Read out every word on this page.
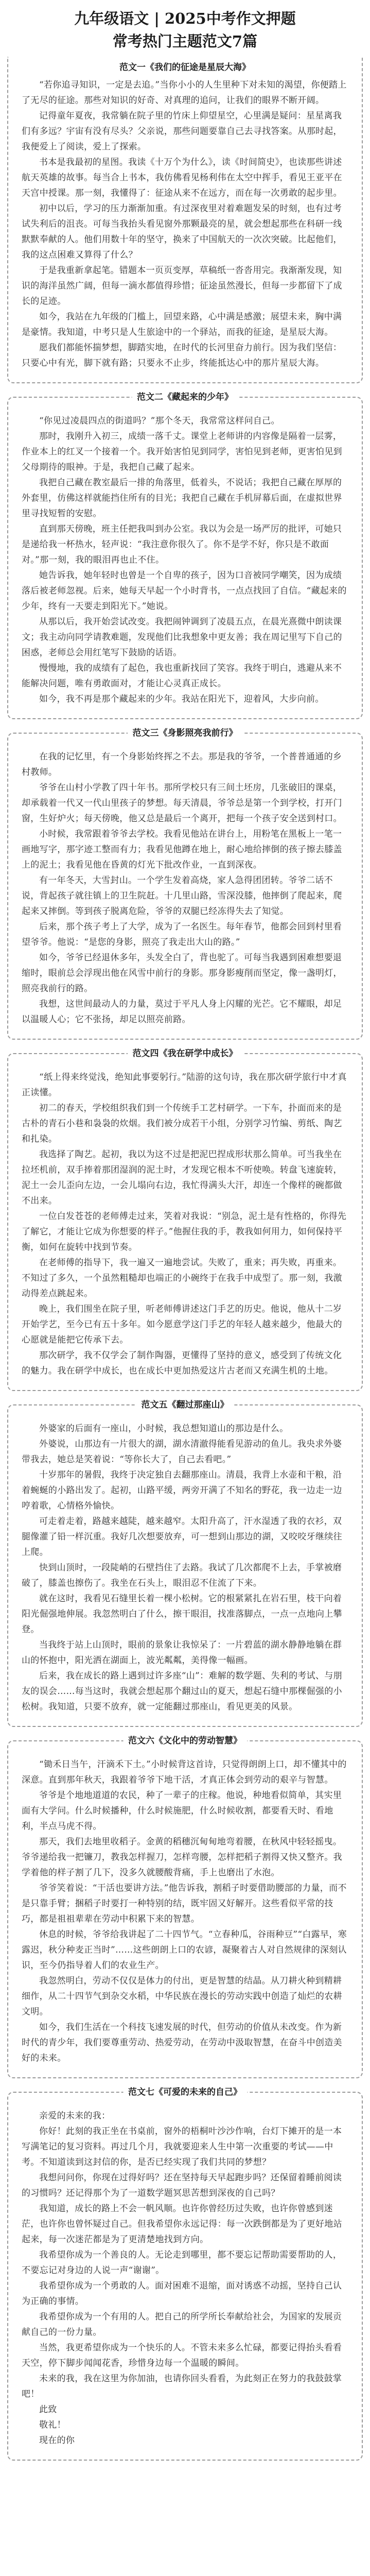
九年级语文 | 2025中考作文押题
常考热门主题范文7篇
范文一《我们的征途是星辰大海》

“若你追寻知识，一定是去追。”当你小小的人生里种下对未知的渴望，你便踏上了无尽的征途。那些对知识的好奇、对真理的追问，让我们的眼界不断开阔。

记得童年夏夜，我常躺在院子里的竹床上仰望星空，心里满是疑问：星星离我们有多远？宇宙有没有尽头？父亲说，那些问题要靠自己去寻找答案。从那时起，我便爱上了阅读，爱上了探索。

书本是我最初的星图。我读《十万个为什么》，读《时间简史》，也读那些讲述航天英雄的故事。每当合上书本，我仿佛看见杨利伟在太空中挥手，看见王亚平在天宫中授课。那一刻，我懂得了：征途从来不在远方，而在每一次勇敢的起步里。

初中以后，学习的压力渐渐加重。有过深夜里对着难题发呆的时刻，也有过考试失利后的沮丧。可每当我抬头看见窗外那颗最亮的星，就会想起那些在科研一线默默奉献的人。他们用数十年的坚守，换来了中国航天的一次次突破。比起他们，我的这点困难又算得了什么？

于是我重新拿起笔。错题本一页页变厚，草稿纸一沓沓用完。我渐渐发现，知识的海洋虽然广阔，但每一滴水都值得珍惜；征途虽然漫长，但每一步都留下了成长的足迹。

如今，我站在九年级的门槛上，回望来路，心中满是感激；展望未来，胸中满是豪情。我知道，中考只是人生旅途中的一个驿站，而我的征途，是星辰大海。

愿我们都能怀揣梦想，脚踏实地，在时代的长河里奋力前行。因为我们坚信：只要心中有光，脚下就有路；只要永不止步，终能抵达心中的那片星辰大海。

范文二《藏起来的少年》

“你见过凌晨四点的街道吗？”那个冬天，我常常这样问自己。

那时，我刚升入初三，成绩一落千丈。课堂上老师讲的内容像是隔着一层雾，作业本上的红叉一个接着一个。我开始害怕见到同学，害怕见到老师，更害怕见到父母期待的眼神。于是，我把自己藏了起来。

我把自己藏在教室最后一排的角落里，低着头，不说话；我把自己藏在厚厚的外套里，仿佛这样就能挡住所有的目光；我把自己藏在手机屏幕后面，在虚拟世界里寻找短暂的安慰。

直到那天傍晚，班主任把我叫到办公室。我以为会是一场严厉的批评，可她只是递给我一杯热水，轻声说：“我注意你很久了。你不是学不好，你只是不敢面对。”那一刻，我的眼泪再也止不住。

她告诉我，她年轻时也曾是一个自卑的孩子，因为口音被同学嘲笑，因为成绩落后被老师忽视。后来，她每天早起一个小时背书，一点点找回了自信。“藏起来的少年，终有一天要走到阳光下。”她说。

从那以后，我开始尝试改变。我把闹钟调到了凌晨五点，在晨光熹微中朗读课文；我主动向同学请教难题，发现他们比我想象中更友善；我在周记里写下自己的困惑，老师总会用红笔写下鼓励的话语。

慢慢地，我的成绩有了起色，我也重新找回了笑容。我终于明白，逃避从来不能解决问题，唯有勇敢面对，才能让心灵真正成长。

如今，我不再是那个藏起来的少年。我站在阳光下，迎着风，大步向前。

范文三《身影照亮我前行》

在我的记忆里，有一个身影始终挥之不去。那是我的爷爷，一个普普通通的乡村教师。

爷爷在山村小学教了四十年书。那所学校只有三间土坯房，几张破旧的课桌，却承载着一代又一代山里孩子的梦想。每天清晨，爷爷总是第一个到学校，打开门窗，生好炉火；每天傍晚，他又总是最后一个离开，把每一个孩子安全送到村口。

小时候，我常跟着爷爷去学校。我看见他站在讲台上，用粉笔在黑板上一笔一画地写字，那字迹工整而有力；我看见他蹲在地上，耐心地给摔倒的孩子擦去膝盖上的泥土；我看见他在昏黄的灯光下批改作业，一直到深夜。

有一年冬天，大雪封山。一个学生发着高烧，家人急得团团转。爷爷二话不说，背起孩子就往镇上的卫生院赶。十几里山路，雪深没膝，他摔倒了爬起来，爬起来又摔倒。等到孩子脱离危险，爷爷的双腿已经冻得失去了知觉。

后来，那个孩子考上了大学，成为了一名医生。每年春节，他都会回到村里看望爷爷。他说：“是您的身影，照亮了我走出大山的路。”

如今，爷爷已经退休多年，头发全白了，背也驼了。可每当我遇到困难想要退缩时，眼前总会浮现出他在风雪中前行的身影。那身影瘦削而坚定，像一盏明灯，照亮我前行的路。

我想，这世间最动人的力量，莫过于平凡人身上闪耀的光芒。它不耀眼，却足以温暖人心；它不张扬，却足以照亮前路。

范文四《我在研学中成长》

“纸上得来终觉浅，绝知此事要躬行。”陆游的这句诗，我在那次研学旅行中才真正读懂。

初二的春天，学校组织我们到一个传统手工艺村研学。一下车，扑面而来的是古朴的青石小巷和袅袅的炊烟。我们被分成若干小组，分别学习竹编、剪纸、陶艺和扎染。

我选择了陶艺。起初，我以为这不过是把泥巴捏成形状那么简单。可当我坐在拉坯机前，双手捧着那团湿润的泥土时，才发现它根本不听使唤。转盘飞速旋转，泥土一会儿歪向左边，一会儿塌向右边，我忙得满头大汗，却连一个像样的碗都做不出来。

一位白发苍苍的老师傅走过来，笑着对我说：“别急，泥土是有性格的，你得先了解它，才能让它成为你想要的样子。”他握住我的手，教我如何用力，如何保持平衡，如何在旋转中找到节奏。

在老师傅的指导下，我一遍又一遍地尝试。失败了，重来；再失败，再重来。不知过了多久，一个虽然粗糙却也端正的小碗终于在我手中成型了。那一刻，我激动得差点跳起来。

晚上，我们围坐在院子里，听老师傅讲述这门手艺的历史。他说，他从十二岁开始学艺，至今已有五十多年。如今愿意学这门手艺的年轻人越来越少，他最大的心愿就是能把它传承下去。

那次研学，我不仅学会了制作陶器，更懂得了坚持的意义，感受到了传统文化的魅力。我在研学中成长，也在成长中更加热爱这片古老而又充满生机的土地。

范文五《翻过那座山》

外婆家的后面有一座山，小时候，我总想知道山的那边是什么。

外婆说，山那边有一片很大的湖，湖水清澈得能看见游动的鱼儿。我央求外婆带我去，她总是笑着说：“等你长大了，自己去看吧。”

十岁那年的暑假，我终于决定独自去翻那座山。清晨，我背上水壶和干粮，沿着蜿蜒的小路出发了。起初，山路平缓，两旁开满了不知名的野花，我一边走一边哼着歌，心情格外愉快。

可走着走着，路越来越陡，越来越窄。太阳升高了，汗水湿透了我的衣衫，双腿像灌了铅一样沉重。我好几次想要放弃，可一想到山那边的湖，又咬咬牙继续往上爬。

快到山顶时，一段陡峭的石壁挡住了去路。我试了几次都爬不上去，手掌被磨破了，膝盖也擦伤了。我坐在石头上，眼泪忍不住流了下来。

就在这时，我看见石缝里长着一棵小松树。它的根紧紧扎在岩石里，枝干向着阳光倔强地伸展。我忽然明白了什么，擦干眼泪，找准落脚点，一点一点地向上攀登。

当我终于站上山顶时，眼前的景象让我惊呆了：一片碧蓝的湖水静静地躺在群山的怀抱中，阳光洒在湖面上，波光粼粼，美得像一幅画。

后来，我在成长的路上遇到过许多座“山”：难解的数学题、失利的考试、与朋友的误会……每当这时，我就会想起那个翻过山的夏天，想起石缝中那棵倔强的小松树。我知道，只要不放弃，就一定能翻过那座山，看见更美的风景。

范文六《文化中的劳动智慧》

“锄禾日当午，汗滴禾下土。”小时候背这首诗，只觉得朗朗上口，却不懂其中的深意。直到那年秋天，我跟着爷爷下地干活，才真正体会到劳动的艰辛与智慧。

爷爷是个地地道道的农民，种了一辈子的庄稼。他说，种地看似简单，其实里面有大学问。什么时候播种，什么时候施肥，什么时候收割，都要看天时、看地利，半点马虎不得。

那天，我们去地里收稻子。金黄的稻穗沉甸甸地弯着腰，在秋风中轻轻摇曳。爷爷递给我一把镰刀，教我怎样握刀，怎样弯腰，怎样把稻子割得又快又整齐。我学着他的样子割了几下，没多久就腰酸背痛，手上也磨出了水泡。

爷爷笑着说：“干活也要讲方法。”他告诉我，割稻子时要借助腰部的力量，而不是只靠手臂；捆稻子时要打一种特别的结，既牢固又好解开。这些看似平常的技巧，都是祖祖辈辈在劳动中积累下来的智慧。

休息的时候，爷爷给我讲起了二十四节气。“立春种瓜，谷雨种豆”“白露早，寒露迟，秋分种麦正当时”……这些朗朗上口的农谚，凝聚着古人对自然规律的深刻认识，至今仍指导着人们的农业生产。

我忽然明白，劳动不仅仅是体力的付出，更是智慧的结晶。从刀耕火种到精耕细作，从二十四节气到杂交水稻，中华民族在漫长的劳动实践中创造了灿烂的农耕文明。

如今，我们生活在一个科技飞速发展的时代，但劳动的价值从未改变。作为新时代的青少年，我们要尊重劳动、热爱劳动，在劳动中汲取智慧，在奋斗中创造美好的未来。

范文七《可爱的未来的自己》

亲爱的未来的我：

你好！此刻的我正坐在书桌前，窗外的梧桐叶沙沙作响，台灯下摊开的是一本写满笔记的复习资料。再过几个月，我就要迎来人生中第一次重要的考试——中考。不知道读到这封信的你，是否已经实现了我们共同的梦想？

我想问问你，你现在过得好吗？还在坚持每天早起跑步吗？还保留着睡前阅读的习惯吗？还记得那个为了一道数学题冥思苦想到深夜的自己吗？

我知道，成长的路上不会一帆风顺。也许你曾经历过失败，也许你曾感到迷茫，也许你也曾怀疑过自己。但我希望你永远记得：每一次跌倒都是为了更好地站起来，每一次迷茫都是为了更清楚地找到方向。

我希望你成为一个善良的人。无论走到哪里，都不要忘记帮助需要帮助的人，不要忘记对身边的人说一声“谢谢”。

我希望你成为一个勇敢的人。面对困难不退缩，面对诱惑不动摇，坚持自己认为正确的事情。

我希望你成为一个有用的人。把自己的所学所长奉献给社会，为国家的发展贡献自己的一份力量。

当然，我更希望你成为一个快乐的人。不管未来多么忙碌，都要记得抬头看看天空，停下脚步闻闻花香，珍惜身边每一个温暖的瞬间。

未来的我，我在这里为你加油，也请你回头看看，为此刻正在努力的我鼓鼓掌吧！

此致

敬礼！

现在的你
